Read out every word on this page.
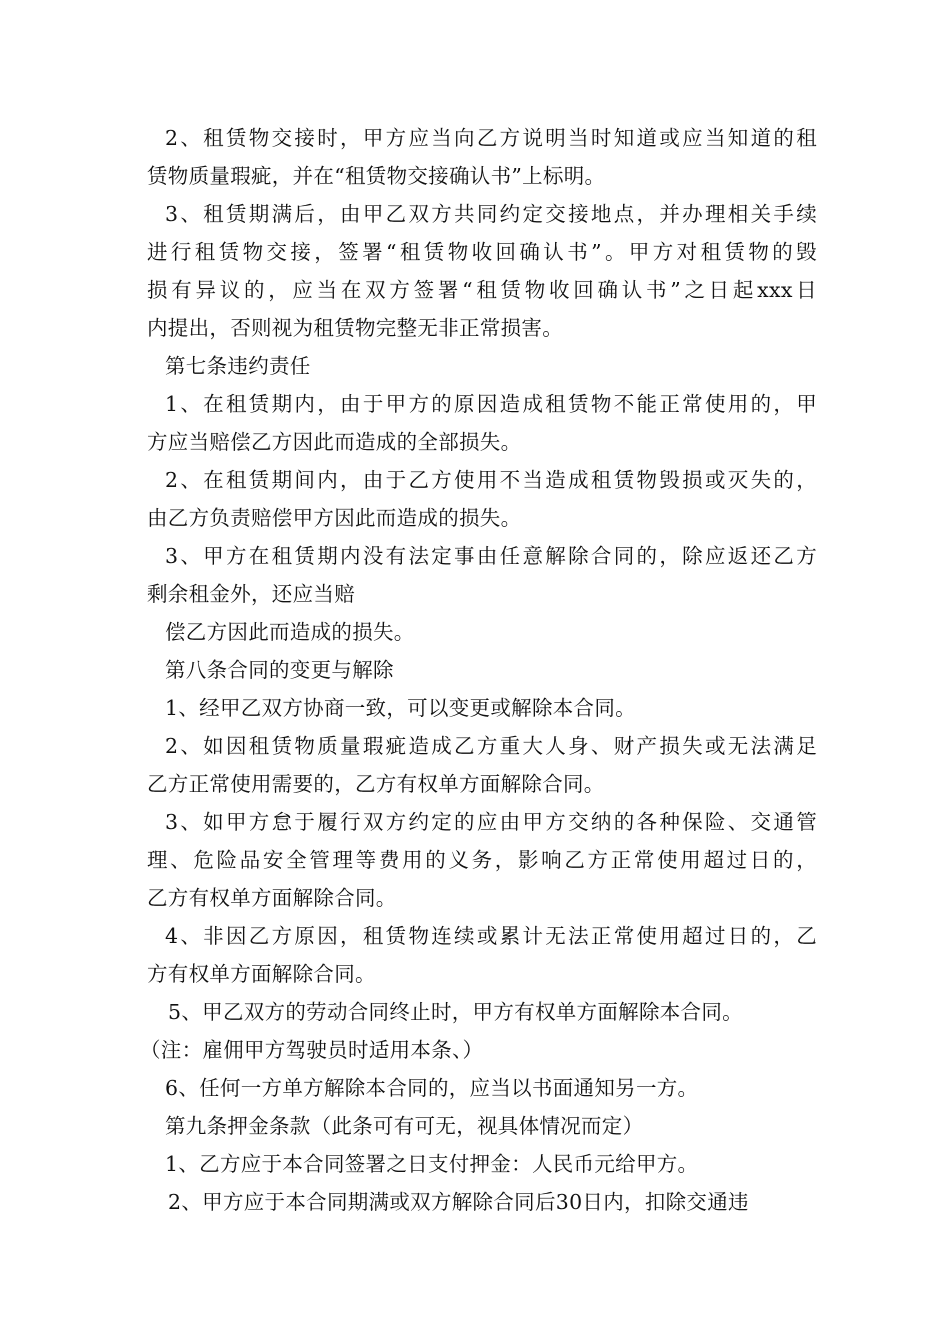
2、租赁物交接时，甲方应当向乙方说明当时知道或应当知道的租
赁物质量瑕疵，并在“租赁物交接确认书”上标明。
3、租赁期满后，由甲乙双方共同约定交接地点，并办理相关手续
进行租赁物交接，签署“租赁物收回确认书”。甲方对租赁物的毁
损有异议的，应当在双方签署“租赁物收回确认书”之日起xxx日
内提出，否则视为租赁物完整无非正常损害。
第七条违约责任
1、在租赁期内，由于甲方的原因造成租赁物不能正常使用的，甲
方应当赔偿乙方因此而造成的全部损失。
2、在租赁期间内，由于乙方使用不当造成租赁物毁损或灭失的，
由乙方负责赔偿甲方因此而造成的损失。
3、甲方在租赁期内没有法定事由任意解除合同的，除应返还乙方
剩余租金外，还应当赔
偿乙方因此而造成的损失。
第八条合同的变更与解除
1、经甲乙双方协商一致，可以变更或解除本合同。
2、如因租赁物质量瑕疵造成乙方重大人身、财产损失或无法满足
乙方正常使用需要的，乙方有权单方面解除合同。
3、如甲方怠于履行双方约定的应由甲方交纳的各种保险、交通管
理、危险品安全管理等费用的义务，影响乙方正常使用超过日的，
乙方有权单方面解除合同。
4、非因乙方原因，租赁物连续或累计无法正常使用超过日的，乙
方有权单方面解除合同。
5、甲乙双方的劳动合同终止时，甲方有权单方面解除本合同。
（注：雇佣甲方驾驶员时适用本条、）
6、任何一方单方解除本合同的，应当以书面通知另一方。
第九条押金条款（此条可有可无，视具体情况而定）
1、乙方应于本合同签署之日支付押金：人民币元给甲方。
2、甲方应于本合同期满或双方解除合同后30日内，扣除交通违
